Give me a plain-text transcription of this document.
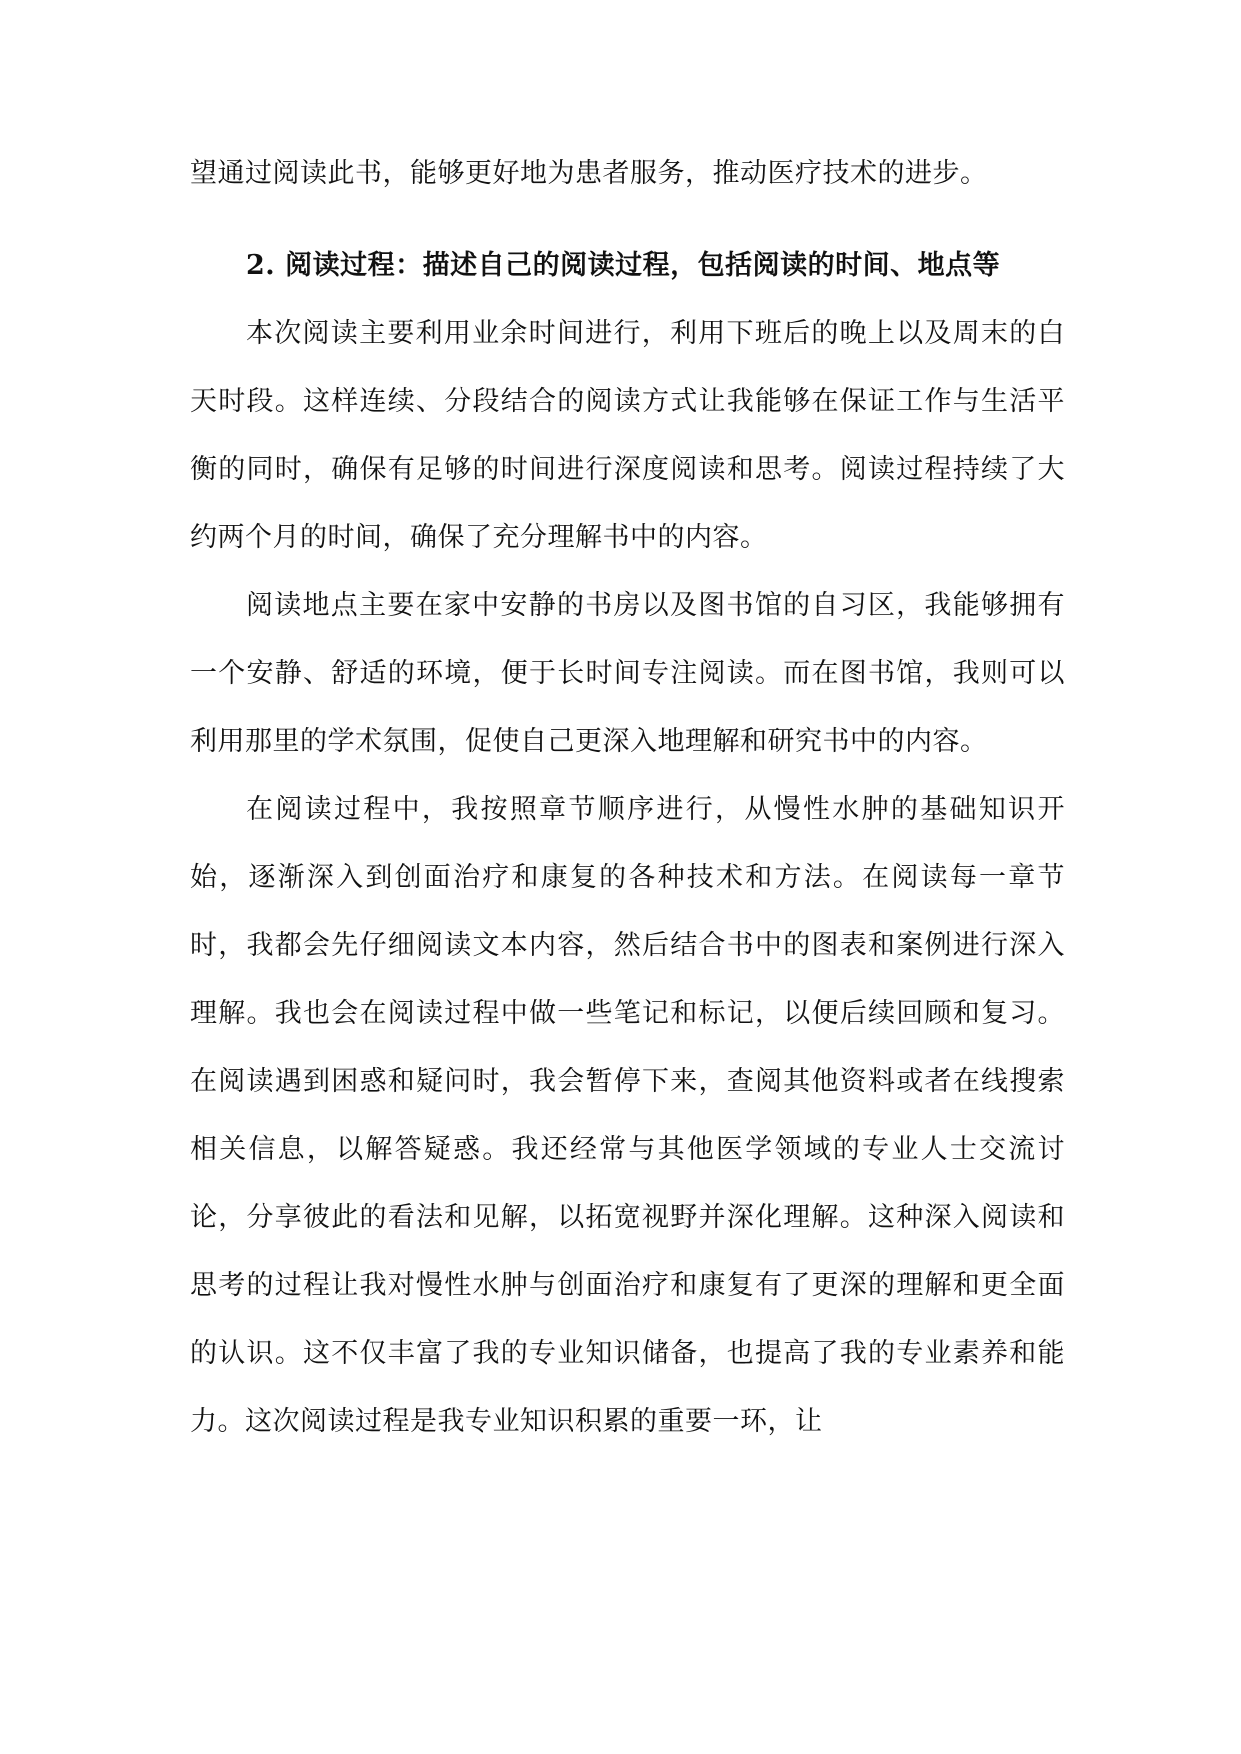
望通过阅读此书，能够更好地为患者服务，推动医疗技术的进步。

2. 阅读过程：描述自己的阅读过程，包括阅读的时间、地点等

本次阅读主要利用业余时间进行，利用下班后的晚上以及周末的白天时段。这样连续、分段结合的阅读方式让我能够在保证工作与生活平衡的同时，确保有足够的时间进行深度阅读和思考。阅读过程持续了大约两个月的时间，确保了充分理解书中的内容。

阅读地点主要在家中安静的书房以及图书馆的自习区，我能够拥有一个安静、舒适的环境，便于长时间专注阅读。而在图书馆，我则可以利用那里的学术氛围，促使自己更深入地理解和研究书中的内容。

在阅读过程中，我按照章节顺序进行，从慢性水肿的基础知识开始，逐渐深入到创面治疗和康复的各种技术和方法。在阅读每一章节时，我都会先仔细阅读文本内容，然后结合书中的图表和案例进行深入理解。我也会在阅读过程中做一些笔记和标记，以便后续回顾和复习。在阅读遇到困惑和疑问时，我会暂停下来，查阅其他资料或者在线搜索相关信息，以解答疑惑。我还经常与其他医学领域的专业人士交流讨论，分享彼此的看法和见解，以拓宽视野并深化理解。这种深入阅读和思考的过程让我对慢性水肿与创面治疗和康复有了更深的理解和更全面的认识。这不仅丰富了我的专业知识储备，也提高了我的专业素养和能力。这次阅读过程是我专业知识积累的重要一环，让
